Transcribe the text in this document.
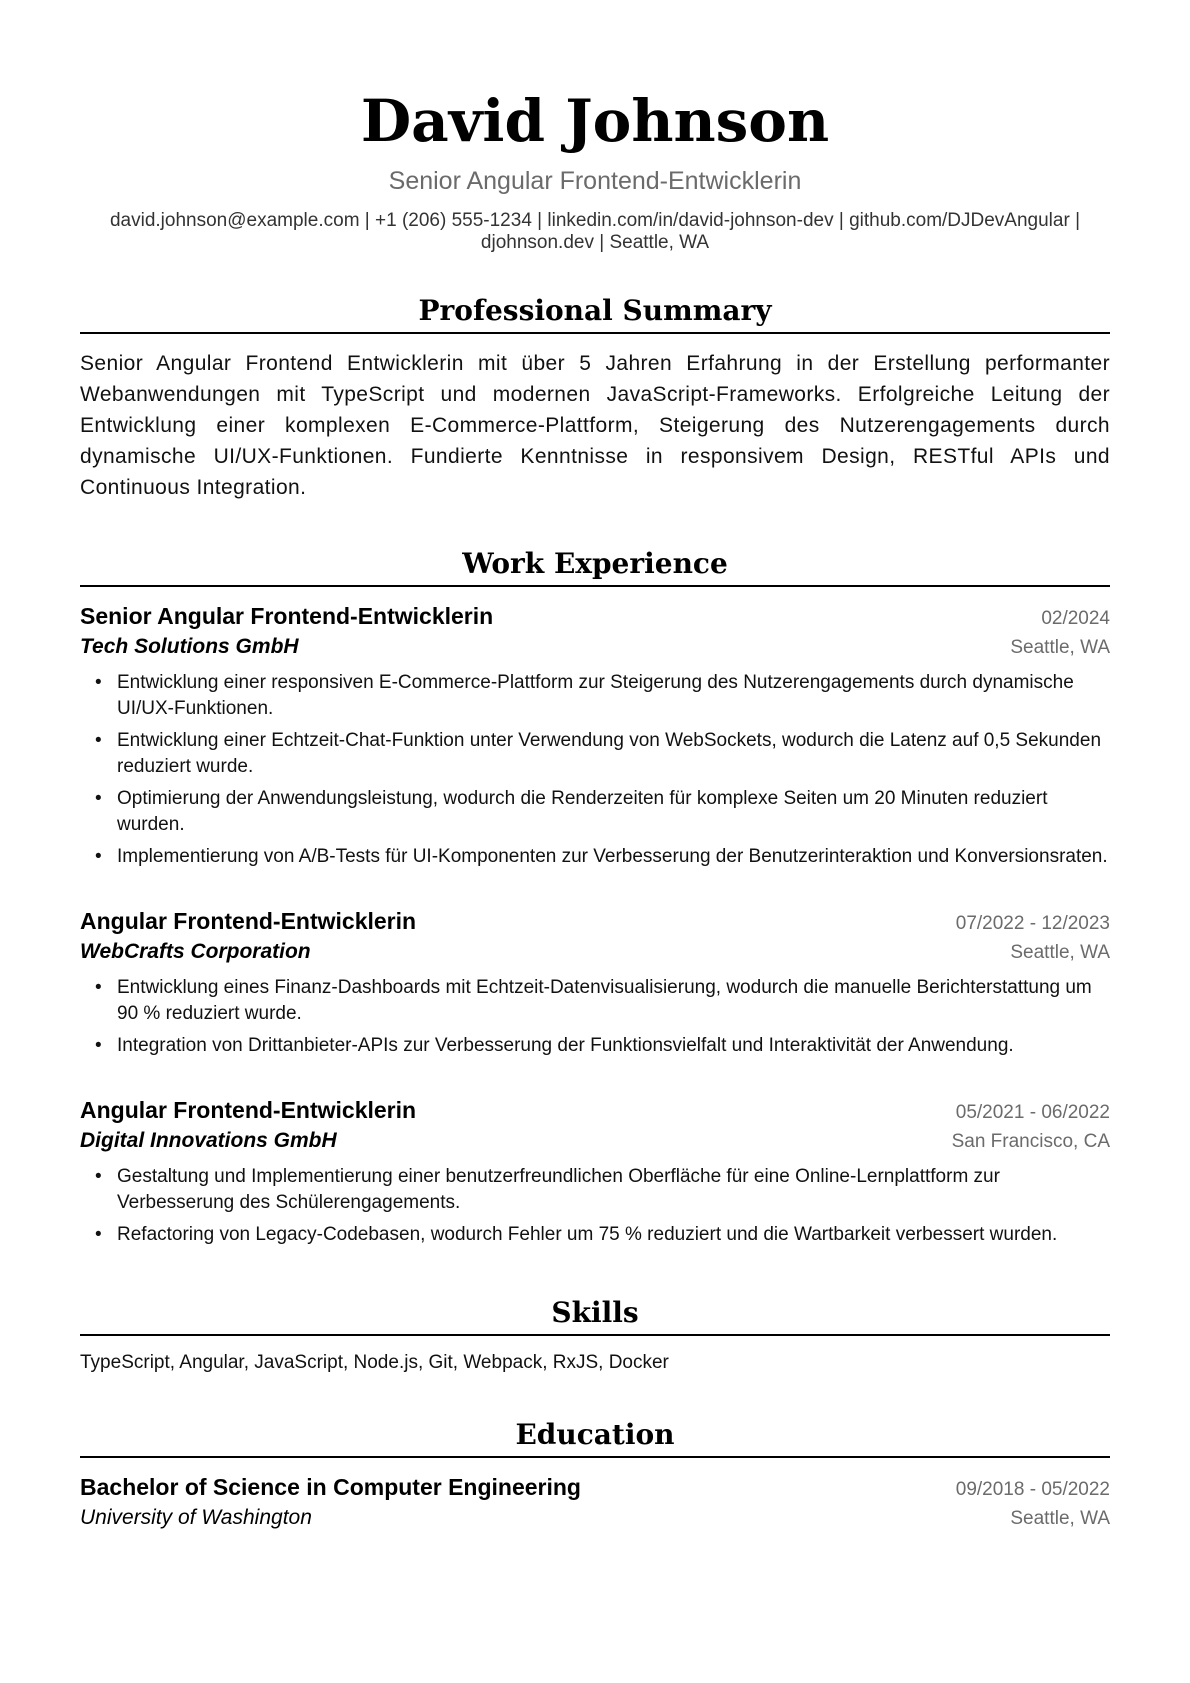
David Johnson
Senior Angular Frontend-Entwicklerin
david.johnson@example.com | +1 (206) 555-1234 | linkedin.com/in/david-johnson-dev | github.com/DJDevAngular |
djohnson.dev | Seattle, WA
Professional Summary
Senior Angular Frontend Entwicklerin mit über 5 Jahren Erfahrung in der Erstellung performanter Webanwendungen mit TypeScript und modernen JavaScript-Frameworks. Erfolgreiche Leitung der Entwicklung einer komplexen E-Commerce-Plattform, Steigerung des Nutzerengagements durch dynamische UI/UX-Funktionen. Fundierte Kenntnisse in responsivem Design, RESTful APIs und Continuous Integration.
Work Experience
Senior Angular Frontend-Entwicklerin	02/2024
Tech Solutions GmbH	Seattle, WA
• Entwicklung einer responsiven E-Commerce-Plattform zur Steigerung des Nutzerengagements durch dynamische UI/UX-Funktionen.
• Entwicklung einer Echtzeit-Chat-Funktion unter Verwendung von WebSockets, wodurch die Latenz auf 0,5 Sekunden reduziert wurde.
• Optimierung der Anwendungsleistung, wodurch die Renderzeiten für komplexe Seiten um 20 Minuten reduziert wurden.
• Implementierung von A/B-Tests für UI-Komponenten zur Verbesserung der Benutzerinteraktion und Konversionsraten.
Angular Frontend-Entwicklerin	07/2022 - 12/2023
WebCrafts Corporation	Seattle, WA
• Entwicklung eines Finanz-Dashboards mit Echtzeit-Datenvisualisierung, wodurch die manuelle Berichterstattung um 90 % reduziert wurde.
• Integration von Drittanbieter-APIs zur Verbesserung der Funktionsvielfalt und Interaktivität der Anwendung.
Angular Frontend-Entwicklerin	05/2021 - 06/2022
Digital Innovations GmbH	San Francisco, CA
• Gestaltung und Implementierung einer benutzerfreundlichen Oberfläche für eine Online-Lernplattform zur Verbesserung des Schülerengagements.
• Refactoring von Legacy-Codebasen, wodurch Fehler um 75 % reduziert und die Wartbarkeit verbessert wurden.
Skills
TypeScript, Angular, JavaScript, Node.js, Git, Webpack, RxJS, Docker
Education
Bachelor of Science in Computer Engineering	09/2018 - 05/2022
University of Washington	Seattle, WA
